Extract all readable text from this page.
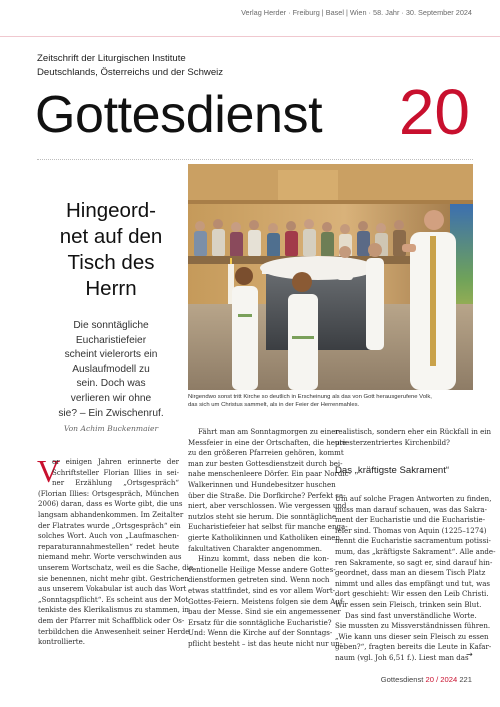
Verlag Herder · Freiburg | Basel | Wien · 58. Jahr · 30. September 2024
Zeitschrift der Liturgischen Institute
Deutschlands, Österreichs und der Schweiz
Gottesdienst 20
Hingeord-
net auf den
Tisch des
Herrn
Die sonntägliche
Eucharistiefeier
scheint vielerorts ein
Auslaufmodell zu
sein. Doch was
verlieren wir ohne
sie? – Ein Zwischenruf.
Von Achim Buckenmaier
Nirgendwo sonst tritt Kirche so deutlich in Erscheinung als das von Gott herausgerufene Volk,
das sich um Christus sammelt, als in der Feier der Herrenmahles.
V
or einigen Jahren erinnerte der
Schriftsteller Florian Illies in sei-
ner Erzählung „Ortsgespräch“
(Florian Illies: Ortsgespräch, München
2006) daran, dass es Worte gibt, die uns
langsam abhandenkommen. Im Zeitalter
der Flatrates wurde „Ortsgespräch“ ein
solches Wort. Auch von „Laufmaschen-
reparaturannahmestellen“ redet heute
niemand mehr. Worte verschwinden aus
unserem Wortschatz, weil es die Sache, die
sie benennen, nicht mehr gibt. Gestrichen
aus unserem Vokabular ist auch das Wort
„Sonntagspflicht“. Es scheint aus der Mot-
tenkiste des Klerikalismus zu stammen, in
dem der Pfarrer mit Schaffblick oder Os-
terbildchen die Anwesenheit seiner Herde
kontrollierte.
Fährt man am Sonntagmorgen zu einer
Messfeier in eine der Ortschaften, die heute
zu den größeren Pfarreien gehören, kommt
man zur besten Gottesdienstzeit durch bei-
nahe menschenleere Dörfer. Ein paar Nordic-
Walkerinnen und Hundebesitzer huschen
über die Straße. Die Dorfkirche? Perfekt sa-
niert, aber verschlossen. Wie vergessen und
nutzlos steht sie herum. Die sonntägliche
Eucharistiefeier hat selbst für manche enga-
gierte Katholikinnen und Katholiken einen
fakultativen Charakter angenommen.
Hinzu kommt, dass neben die kon-
ventionelle Heilige Messe andere Gottes-
dienstformen getreten sind. Wenn noch
etwas stattfindet, sind es vor allem Wort-
Gottes-Feiern. Meistens folgen sie dem Auf-
bau der Messe. Sind sie ein angemessener
Ersatz für die sonntägliche Eucharistie?
Und: Wenn die Kirche auf der Sonntags-
pflicht besteht – ist das heute nicht nur un-
realistisch, sondern eher ein Rückfall in ein
priesterzentriertes Kirchenbild?
Das „kräftigste Sakrament“
Um auf solche Fragen Antworten zu finden,
muss man darauf schauen, was das Sakra-
ment der Eucharistie und die Eucharistie-
feier sind. Thomas von Aquin (1225–1274)
nennt die Eucharistie sacramentum potissi-
mum, das „kräftigste Sakrament“. Alle ande-
ren Sakramente, so sagt er, sind darauf hin-
geordnet, dass man an diesem Tisch Platz
nimmt und alles das empfängt und tut, was
dort geschieht: Wir essen den Leib Christi.
Wir essen sein Fleisch, trinken sein Blut.
Das sind fast unverständliche Worte.
Sie mussten zu Missverständnissen führen.
„Wie kann uns dieser sein Fleisch zu essen
geben?“, fragten bereits die Leute in Kafar-
naum (vgl. Joh 6,51 f.). Liest man das
→
Gottesdienst 20 / 2024 221
